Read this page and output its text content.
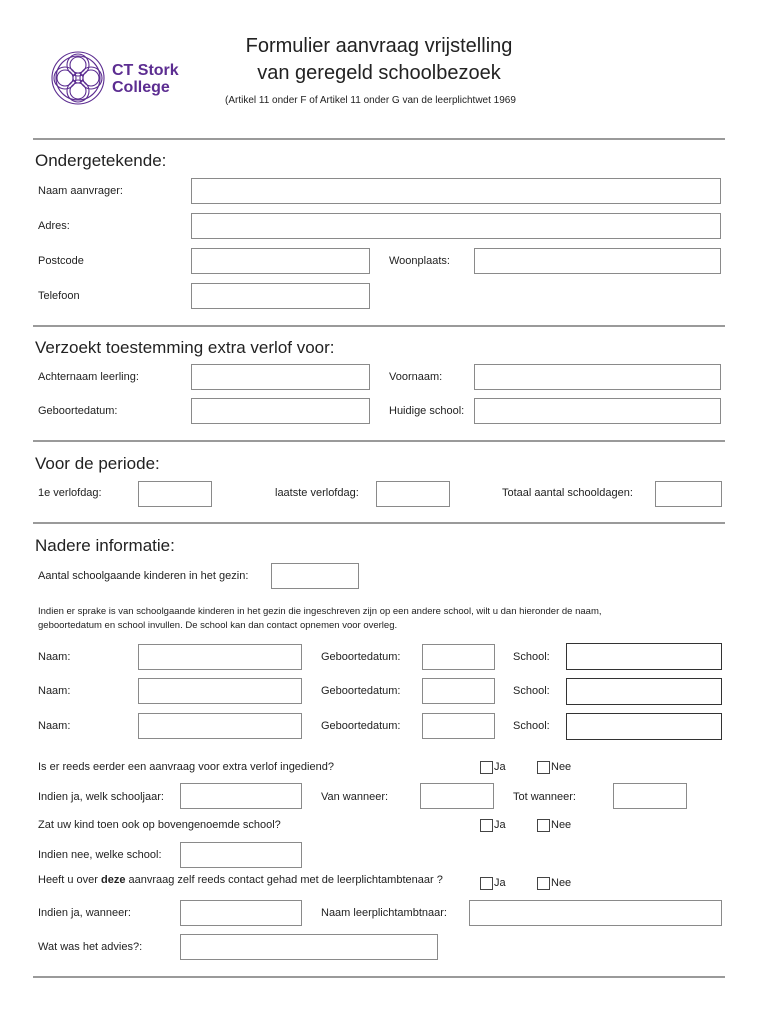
CT Stork
College
Formulier aanvraag vrijstelling
van geregeld schoolbezoek
(Artikel 11 onder F of Artikel 11 onder G van de leerplichtwet 1969
Ondergetekende:
Naam aanvrager:
Adres:
Postcode	Woonplaats:
Telefoon
Verzoekt toestemming extra verlof voor:
Achternaam leerling:	Voornaam:
Geboortedatum:	Huidige school:
Voor de periode:
1e verlofdag:	laatste verlofdag:	Totaal aantal schooldagen:
Nadere informatie:
Aantal schoolgaande kinderen in het gezin:
Indien er sprake is van schoolgaande kinderen in het gezin die ingeschreven zijn op een andere school, wilt u dan hieronder de naam,
geboortedatum en school invullen. De school kan dan contact opnemen voor overleg.
Naam:	Geboortedatum:	School:
Naam:	Geboortedatum:	School:
Naam:	Geboortedatum:	School:
Is er reeds eerder een aanvraag voor extra verlof ingediend?	Ja	Nee
Indien ja, welk schooljaar:	Van wanneer:	Tot wanneer:
Zat uw kind toen ook op bovengenoemde school?	Ja	Nee
Indien nee, welke school:
Heeft u over deze aanvraag zelf reeds contact gehad met de leerplichtambtenaar ?	Ja	Nee
Indien ja, wanneer:	Naam leerplichtambtnaar:
Wat was het advies?:
